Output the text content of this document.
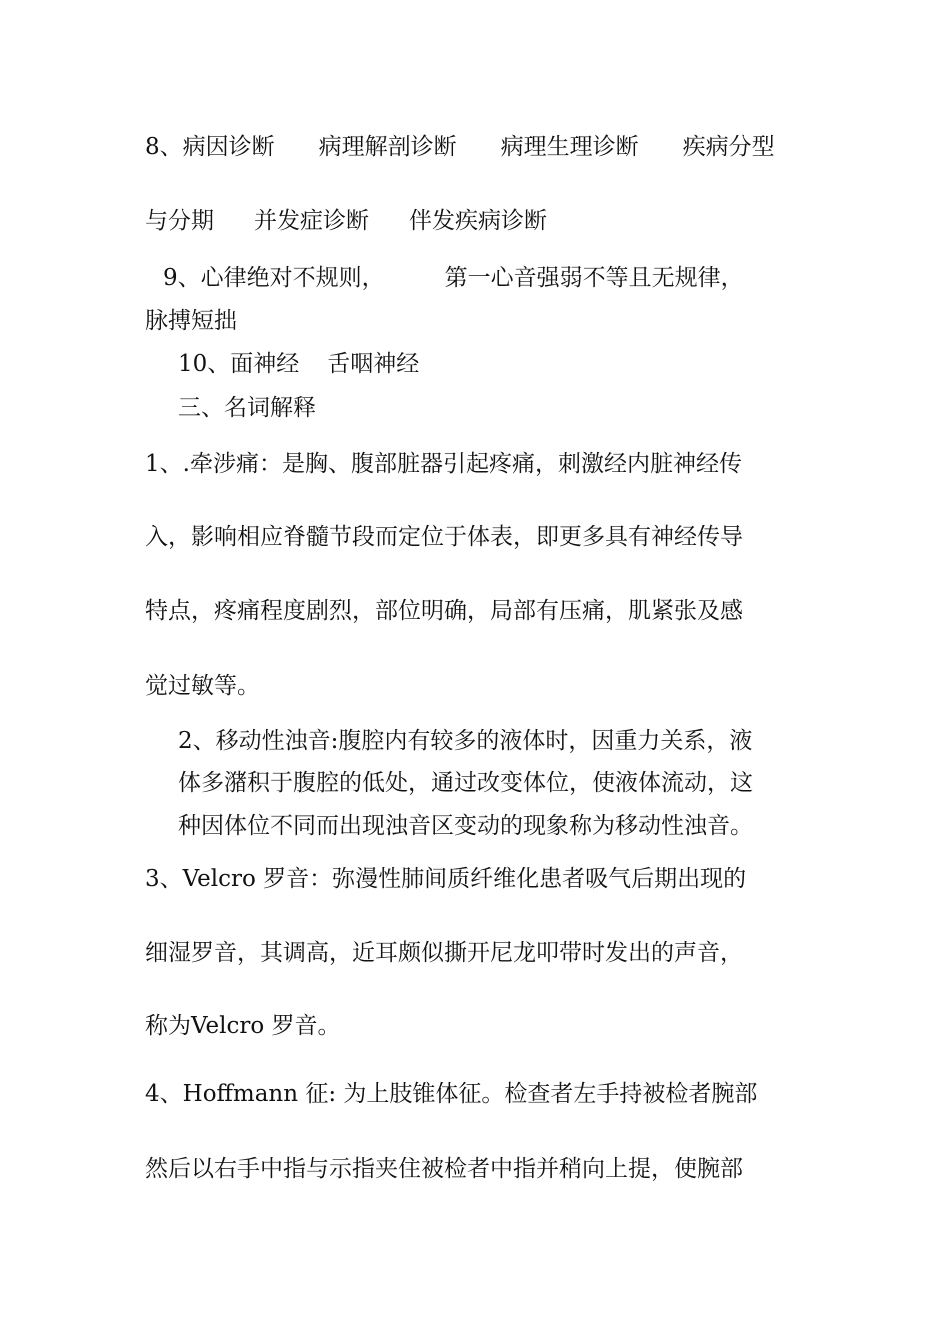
8、病因诊断 病理解剖诊断 病理生理诊断 疾病分型
与分期 并发症诊断 伴发疾病诊断
9、心律绝对不规则，	第一心音强弱不等且无规律，
脉搏短拙
10、面神经 舌咽神经
三、名词解释
1、.牵涉痛：是胸、腹部脏器引起疼痛，刺激经内脏神经传
入，影响相应脊髓节段而定位于体表，即更多具有神经传导
特点，疼痛程度剧烈，部位明确，局部有压痛，肌紧张及感
觉过敏等。
2、移动性浊音:腹腔内有较多的液体时，因重力关系，液
体多潴积于腹腔的低处，通过改变体位，使液体流动，这
种因体位不同而出现浊音区变动的现象称为移动性浊音。
3、Velcro 罗音：弥漫性肺间质纤维化患者吸气后期出现的
细湿罗音，其调高，近耳颇似撕开尼龙叩带时发出的声音，
称为Velcro 罗音。
4、Hoffmann 征: 为上肢锥体征。检查者左手持被检者腕部
然后以右手中指与示指夹住被检者中指并稍向上提，使腕部
